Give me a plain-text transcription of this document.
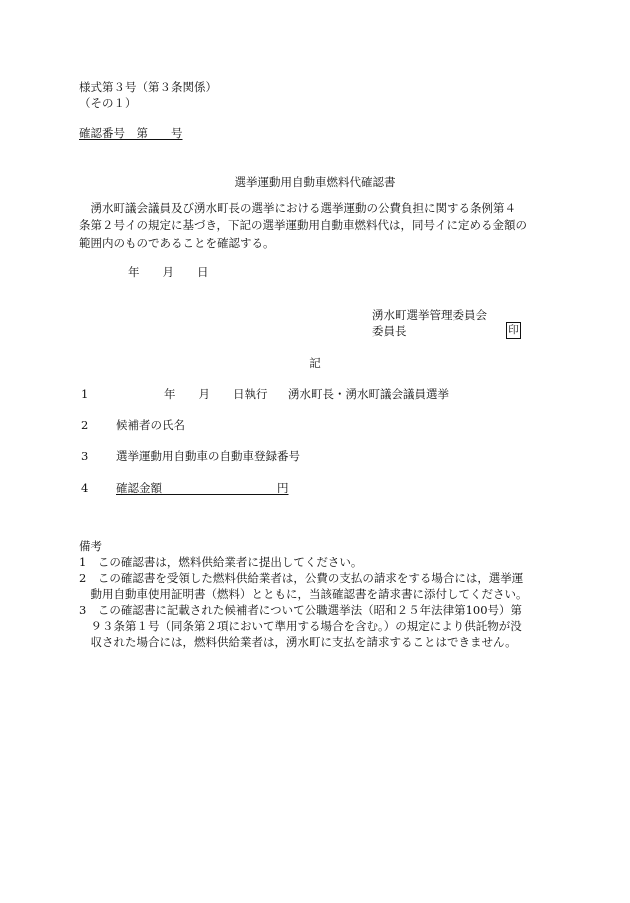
様式第３号（第３条関係）
（その１）
確認番号　第　　号
選挙運動用自動車燃料代確認書
　湧水町議会議員及び湧水町長の選挙における選挙運動の公費負担に関する条例第４
条第２号イの規定に基づき，下記の選挙運動用自動車燃料代は，同号イに定める金額の
範囲内のものであることを確認する。
年　　月　　日
湧水町選挙管理委員会
委員長	印
記
1	年　　月　　日執行 湧水町長・湧水町議会議員選挙
2 候補者の氏名
3 選挙運動用自動車の自動車登録番号
4 確認金額　　　　　　　　　　	円
備考
1　この確認書は，燃料供給業者に提出してください。
2　この確認書を受領した燃料供給業者は，公費の支払の請求をする場合には，選挙運
　動用自動車使用証明書（燃料）とともに，当該確認書を請求書に添付してください。
3　この確認書に記載された候補者について公職選挙法（昭和２５年法律第100号）第
　９３条第１号（同条第２項において準用する場合を含む。）の規定により供託物が没
　収された場合には，燃料供給業者は，湧水町に支払を請求することはできません。
